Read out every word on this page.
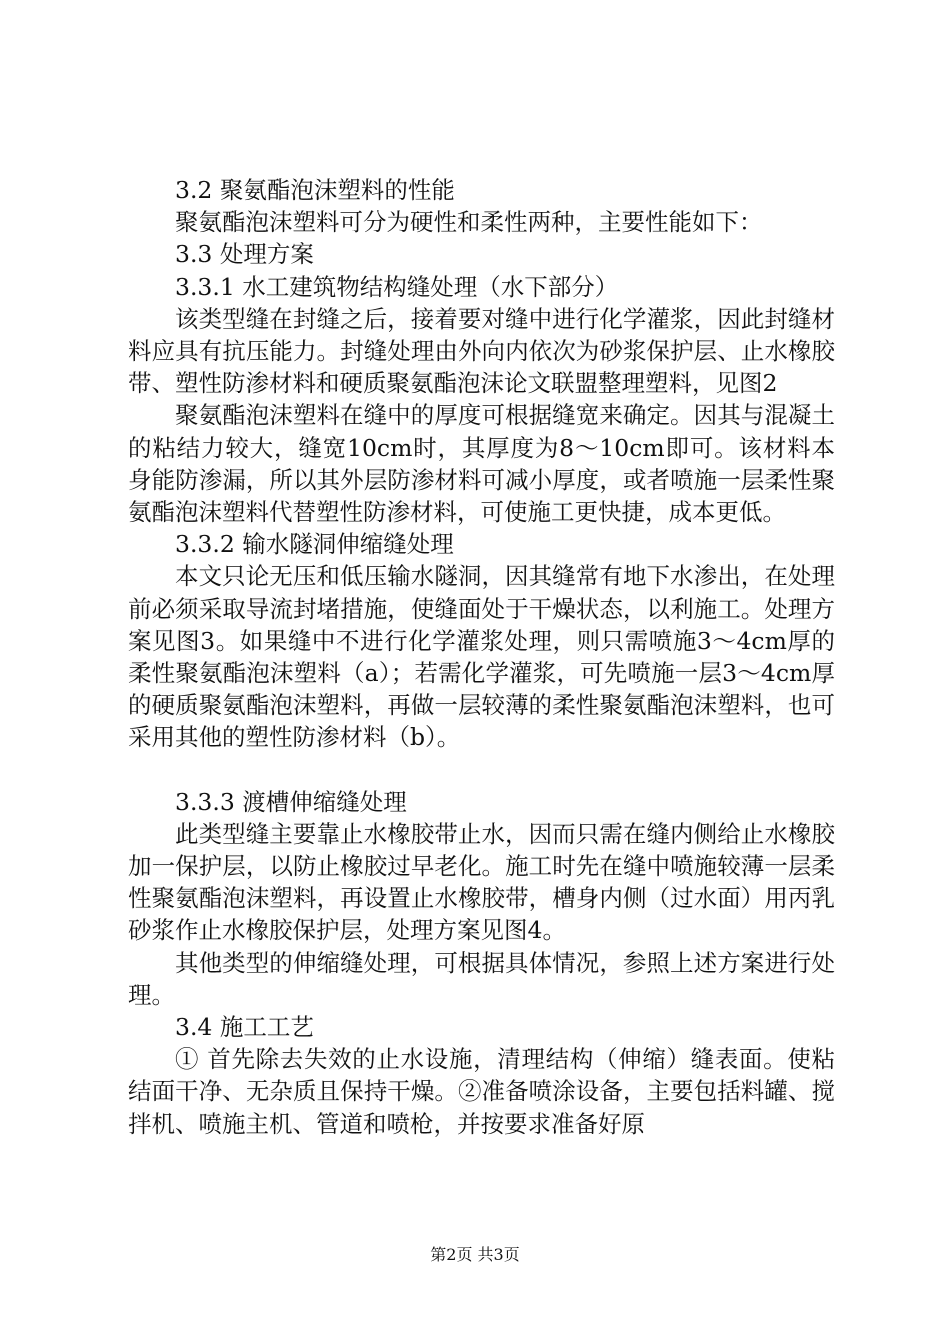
3.2 聚氨酯泡沫塑料的性能

聚氨酯泡沫塑料可分为硬性和柔性两种，主要性能如下：

3.3 处理方案
3.3.1 水工建筑物结构缝处理（水下部分）

该类型缝在封缝之后，接着要对缝中进行化学灌浆，因此封缝材料应具有抗压能力。封缝处理由外向内依次为砂浆保护层、止水橡胶带、塑性防渗材料和硬质聚氨酯泡沫论文联盟整理塑料，见图2

聚氨酯泡沫塑料在缝中的厚度可根据缝宽来确定。因其与混凝土的粘结力较大，缝宽10cm时，其厚度为8～10cm即可。该材料本身能防渗漏，所以其外层防渗材料可减小厚度，或者喷施一层柔性聚氨酯泡沫塑料代替塑性防渗材料，可使施工更快捷，成本更低。

3.3.2 输水隧洞伸缩缝处理

本文只论无压和低压输水隧洞，因其缝常有地下水渗出，在处理前必须采取导流封堵措施，使缝面处于干燥状态，以利施工。处理方案见图3。如果缝中不进行化学灌浆处理，则只需喷施3～4cm厚的柔性聚氨酯泡沫塑料（a）；若需化学灌浆，可先喷施一层3～4cm厚的硬质聚氨酯泡沫塑料，再做一层较薄的柔性聚氨酯泡沫塑料，也可采用其他的塑性防渗材料（b）。

3.3.3 渡槽伸缩缝处理

此类型缝主要靠止水橡胶带止水，因而只需在缝内侧给止水橡胶加一保护层，以防止橡胶过早老化。施工时先在缝中喷施较薄一层柔性聚氨酯泡沫塑料，再设置止水橡胶带，槽身内侧（过水面）用丙乳砂浆作止水橡胶保护层，处理方案见图4。

其他类型的伸缩缝处理，可根据具体情况，参照上述方案进行处理。

3.4 施工工艺

① 首先除去失效的止水设施，清理结构（伸缩）缝表面。使粘结面干净、无杂质且保持干燥。②准备喷涂设备，主要包括料罐、搅拌机、喷施主机、管道和喷枪，并按要求准备好原

第2页 共3页
